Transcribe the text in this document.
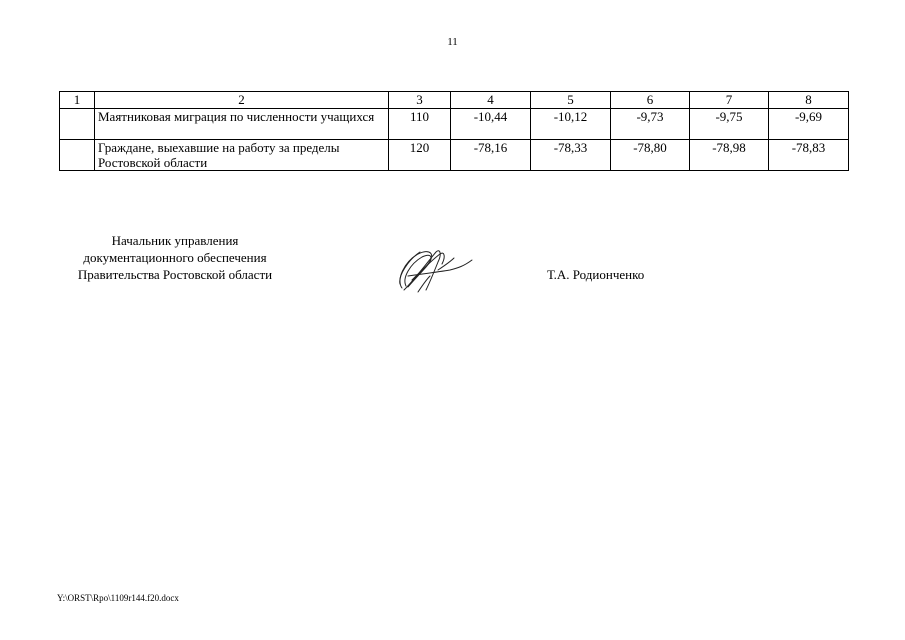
11
1	2	3	4	5	6	7	8
	Маятниковая миграция по численности учащихся	110	-10,44	-10,12	-9,73	-9,75	-9,69
	Граждане, выехавшие на работу за пределы Ростовской области	120	-78,16	-78,33	-78,80	-78,98	-78,83
Начальник управления
документационного обеспечения
Правительства Ростовской области	Т.А. Родионченко
Y:\ORST\Rpo\1109r144.f20.docx
